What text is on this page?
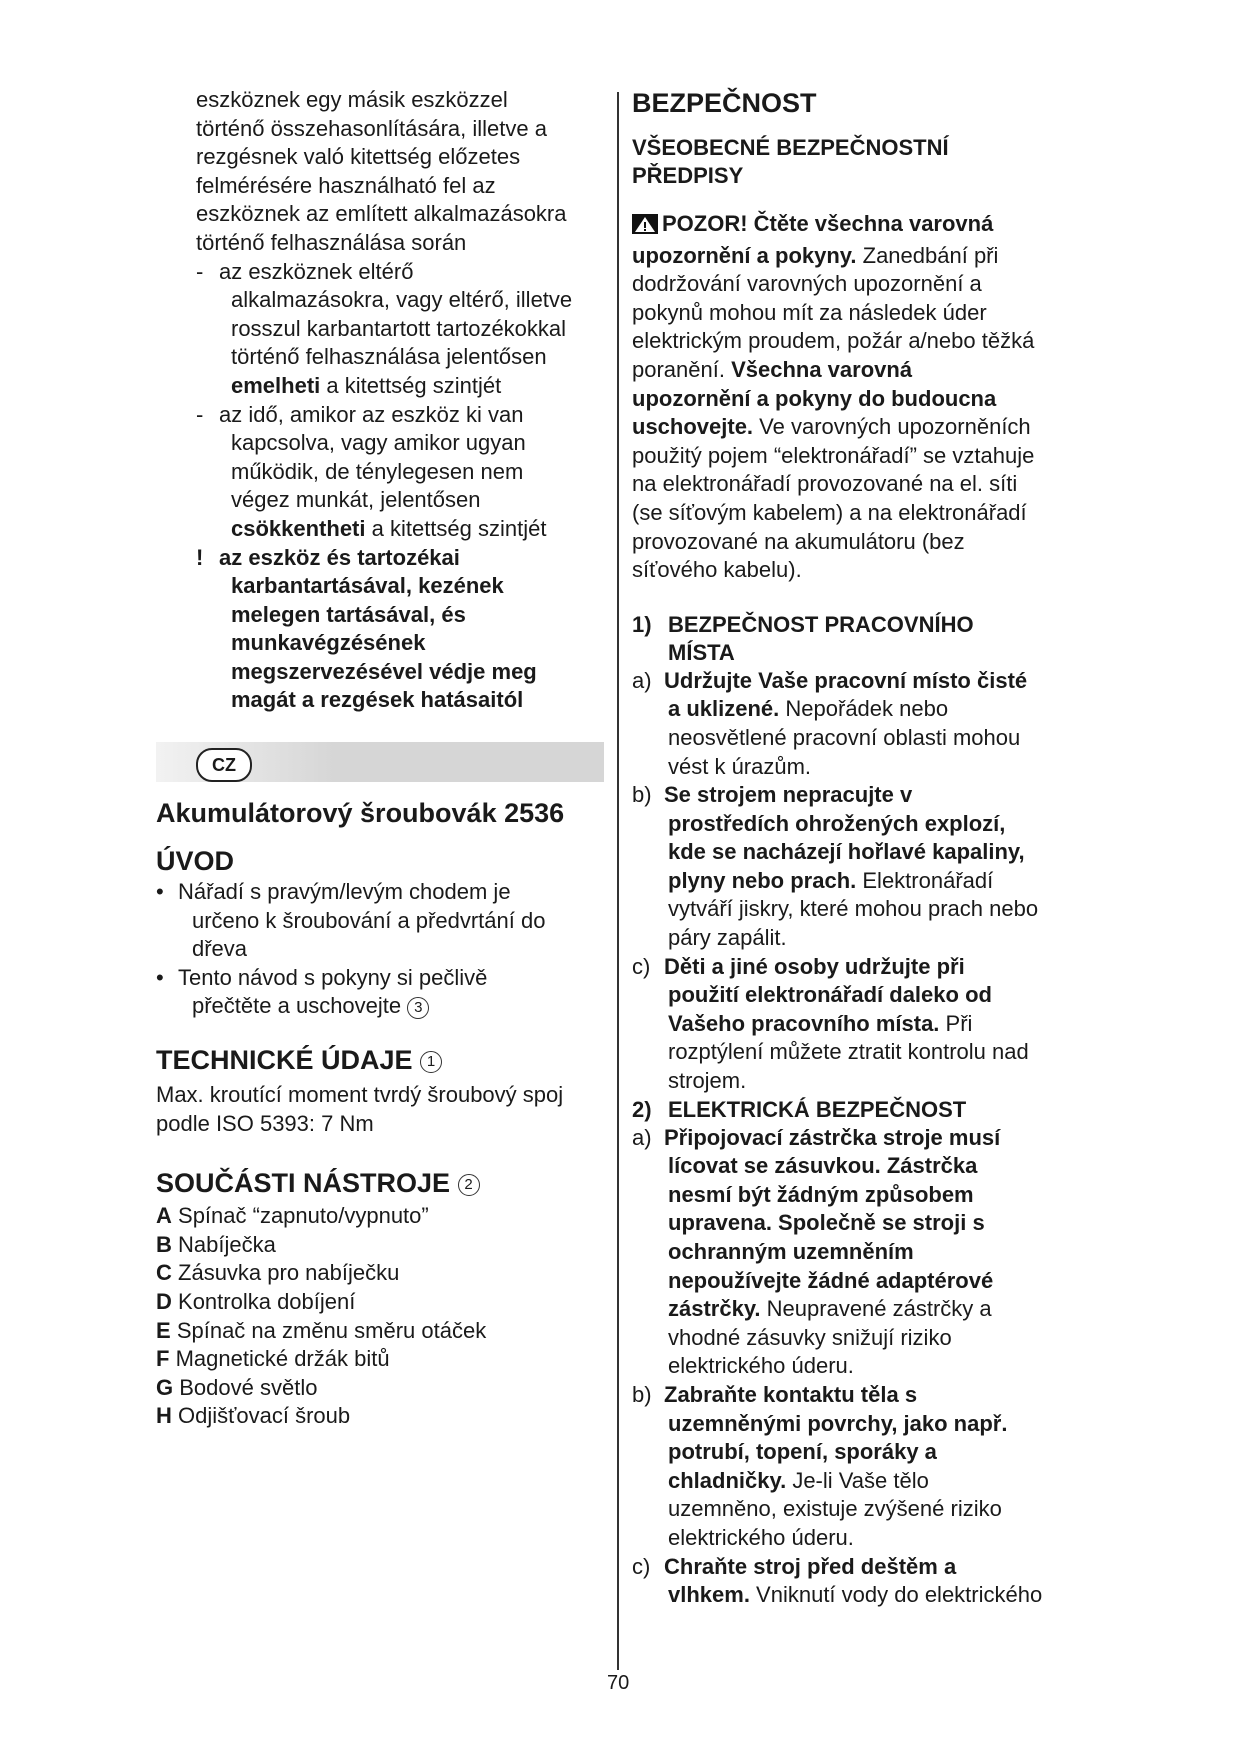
eszköznek egy másik eszközzel

történő összehasonlítására, illetve a

rezgésnek való kitettség előzetes

felmérésére használható fel az

eszköznek az említett alkalmazásokra

történő felhasználása során

- az eszköznek eltérő

alkalmazásokra, vagy eltérő, illetve

rosszul karbantartott tartozékokkal

történő felhasználása jelentősen

emelheti a kitettség szintjét

- az idő, amikor az eszköz ki van

kapcsolva, vagy amikor ugyan

működik, de ténylegesen nem

végez munkát, jelentősen

csökkentheti a kitettség szintjét

! az eszköz és tartozékai

karbantartásával, kezének

melegen tartásával, és

munkavégzésének

megszervezésével védje meg

magát a rezgések hatásaitól

CZ

Akumulátorový šroubovák 2536

ÚVOD

• Nářadí s pravým/levým chodem je

určeno k šroubování a předvrtání do

dřeva

• Tento návod s pokyny si pečlivě

přečtěte a uschovejte 3

TECHNICKÉ ÚDAJE 1

Max. kroutící moment tvrdý šroubový spoj

podle ISO 5393: 7 Nm

SOUČÁSTI NÁSTROJE 2

A Spínač “zapnuto/vypnuto”

B Nabíječka

C Zásuvka pro nabíječku

D Kontrolka dobíjení

E Spínač na změnu směru otáček

F Magnetické držák bitů

G Bodové světlo

H Odjišťovací šroub

BEZPEČNOST

VŠEOBECNÉ BEZPEČNOSTNÍ

PŘEDPISY

POZOR! Čtěte všechna varovná

upozornění a pokyny. Zanedbání při

dodržování varovných upozornění a

pokynů mohou mít za následek úder

elektrickým proudem, požár a/nebo těžká

poranění. Všechna varovná

upozornění a pokyny do budoucna

uschovejte. Ve varovných upozorněních

použitý pojem “elektronářadí” se vztahuje

na elektronářadí provozované na el. síti

(se síťovým kabelem) a na elektronářadí

provozované na akumulátoru (bez

síťového kabelu).

1) BEZPEČNOST PRACOVNÍHO

MÍSTA

a) Udržujte Vaše pracovní místo čisté

a uklizené. Nepořádek nebo

neosvětlené pracovní oblasti mohou

vést k úrazům.

b) Se strojem nepracujte v

prostředích ohrožených explozí,

kde se nacházejí hořlavé kapaliny,

plyny nebo prach. Elektronářadí

vytváří jiskry, které mohou prach nebo

páry zapálit.

c) Děti a jiné osoby udržujte při

použití elektronářadí daleko od

Vašeho pracovního místa. Při

rozptýlení můžete ztratit kontrolu nad

strojem.

2) ELEKTRICKÁ BEZPEČNOST

a) Připojovací zástrčka stroje musí

lícovat se zásuvkou. Zástrčka

nesmí být žádným způsobem

upravena. Společně se stroji s

ochranným uzemněním

nepoužívejte žádné adaptérové

zástrčky. Neupravené zástrčky a

vhodné zásuvky snižují riziko

elektrického úderu.

b) Zabraňte kontaktu těla s

uzemněnými povrchy, jako např.

potrubí, topení, sporáky a

chladničky. Je-li Vaše tělo

uzemněno, existuje zvýšené riziko

elektrického úderu.

c) Chraňte stroj před deštěm a

vlhkem. Vniknutí vody do elektrického

70
